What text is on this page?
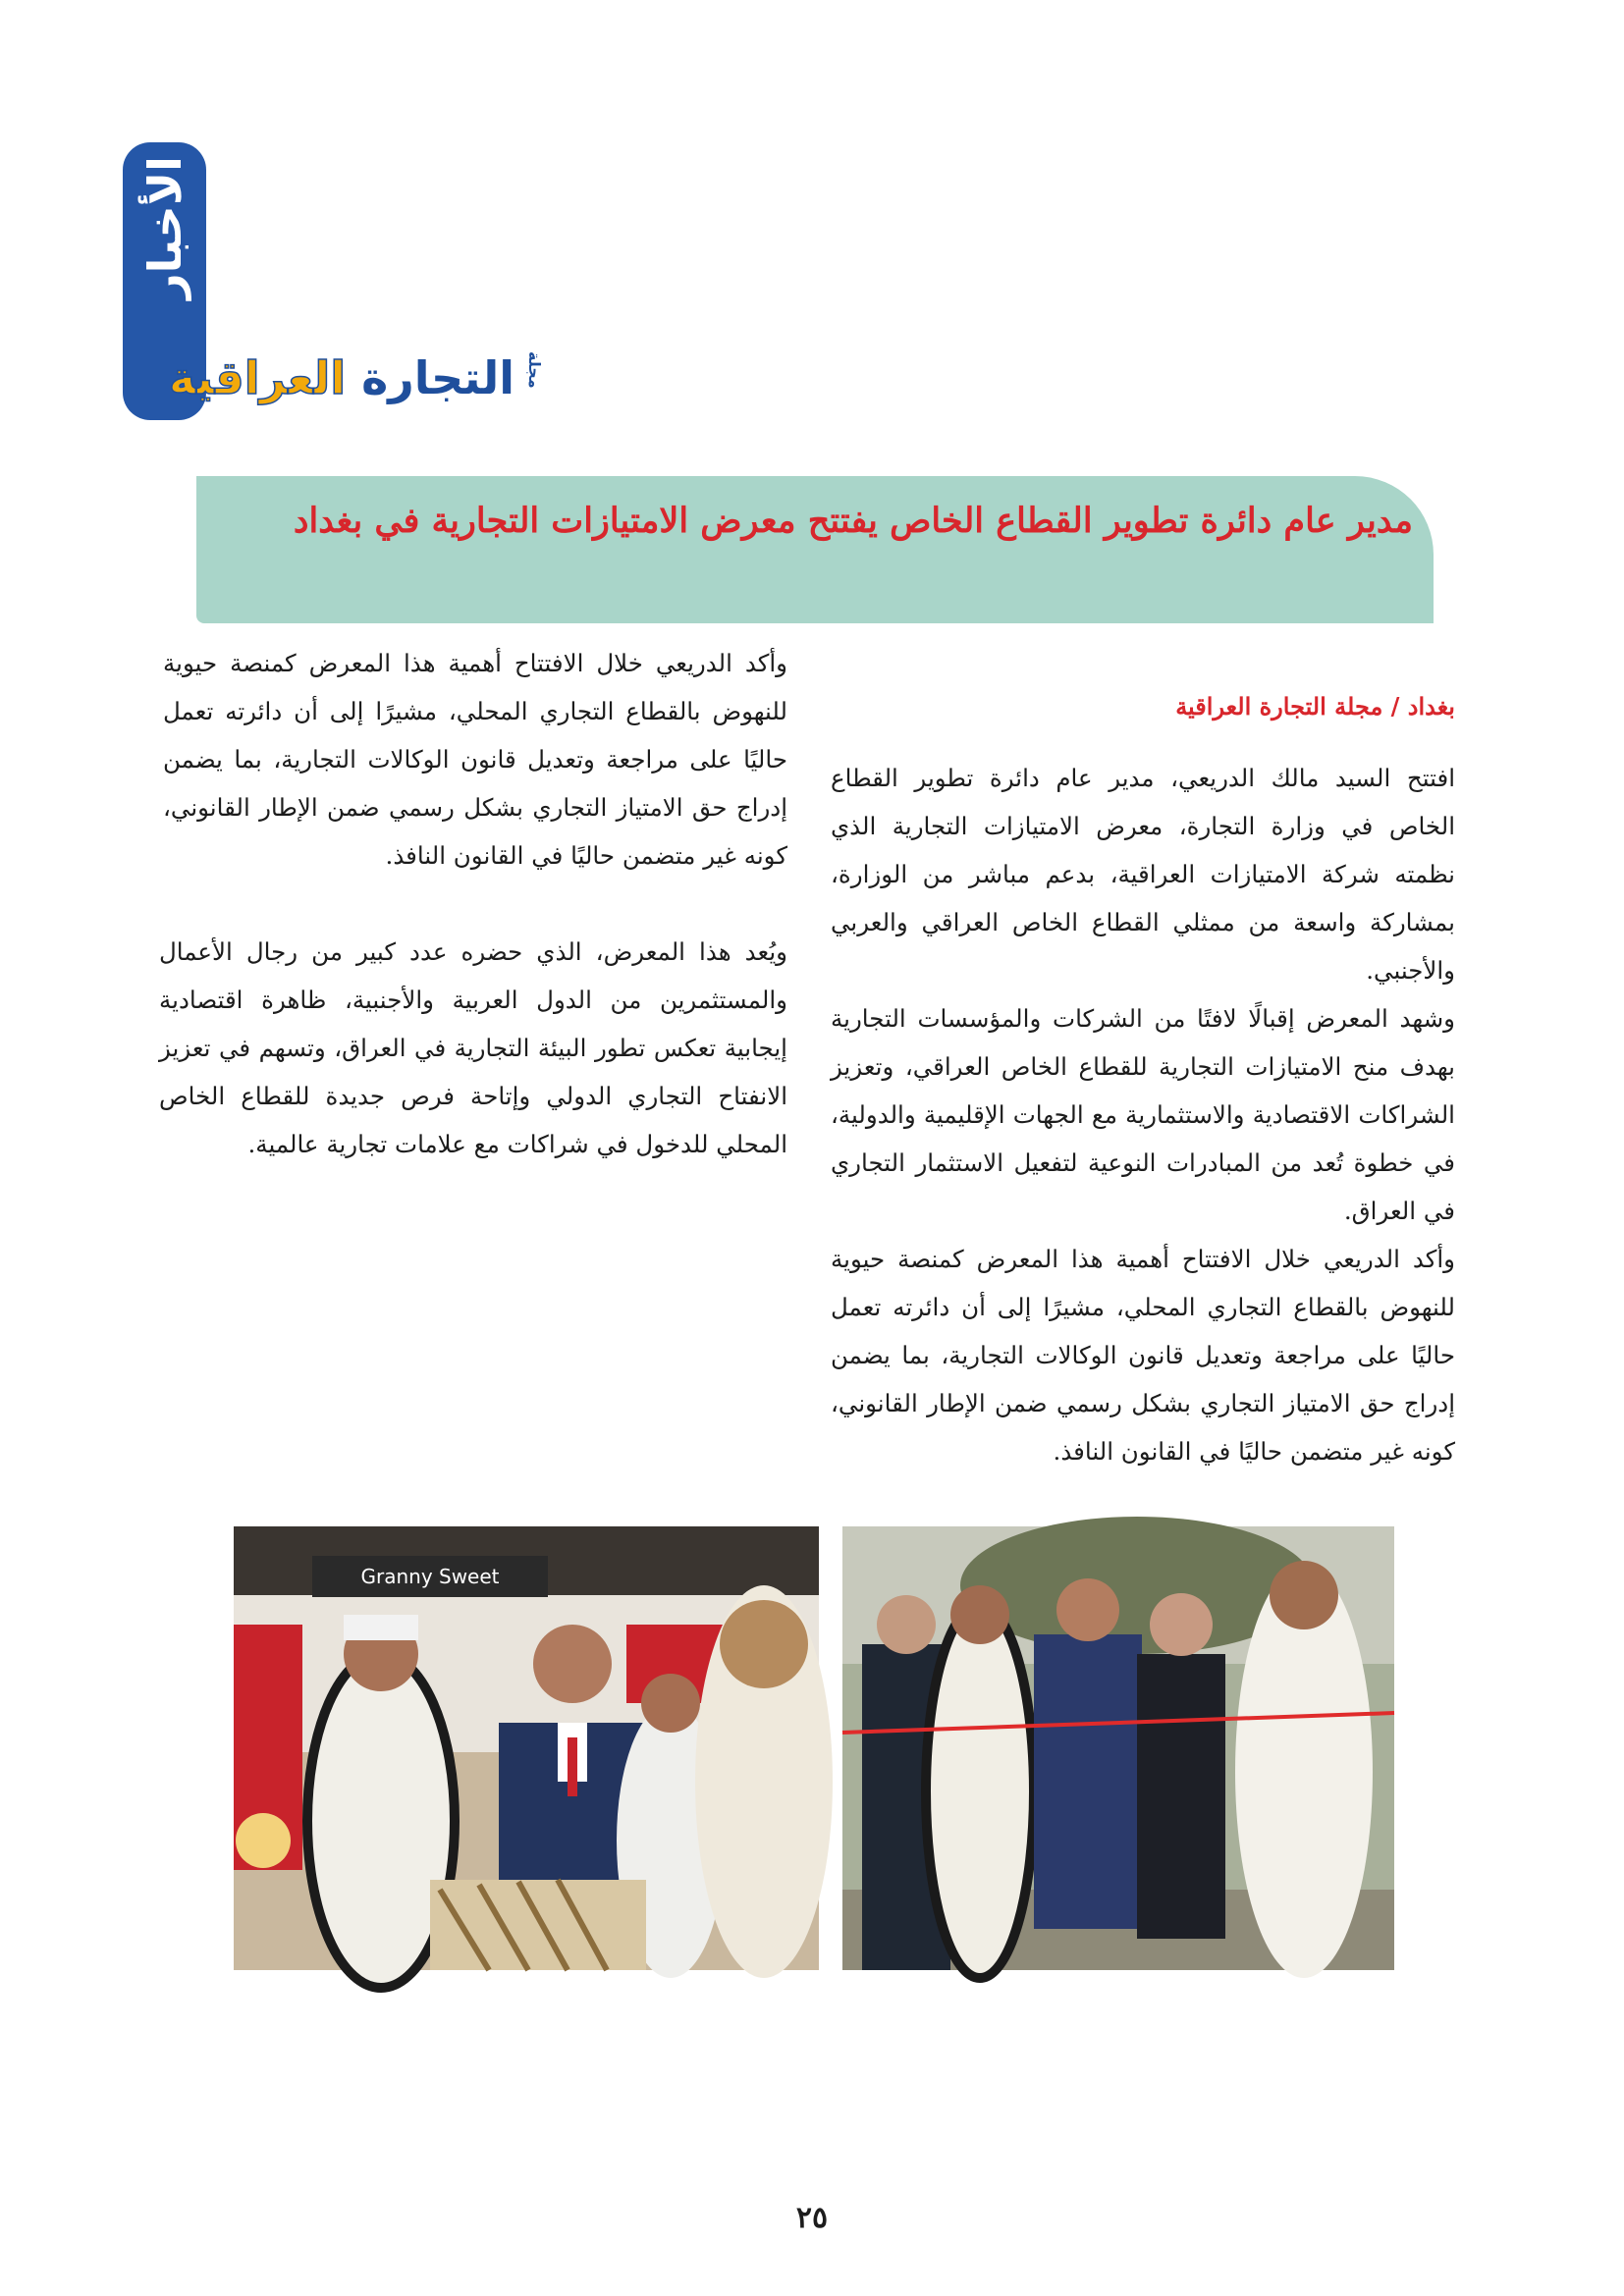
الأخبار
مجلة
التجارة العراقية
مدير عام دائرة تطوير القطاع الخاص يفتتح معرض الامتيازات التجارية في بغداد
بغداد / مجلة التجارة العراقية

افتتح السيد مالك الدريعي، مدير عام دائرة تطوير القطاع الخاص في وزارة التجارة، معرض الامتيازات التجارية الذي نظمته شركة الامتيازات العراقية، بدعم مباشر من الوزارة، بمشاركة واسعة من ممثلي القطاع الخاص العراقي والعربي والأجنبي.

وشهد المعرض إقبالًا لافتًا من الشركات والمؤسسات التجارية بهدف منح الامتيازات التجارية للقطاع الخاص العراقي، وتعزيز الشراكات الاقتصادية والاستثمارية مع الجهات الإقليمية والدولية، في خطوة تُعد من المبادرات النوعية لتفعيل الاستثمار التجاري في العراق.

وأكد الدريعي خلال الافتتاح أهمية هذا المعرض كمنصة حيوية للنهوض بالقطاع التجاري المحلي، مشيرًا إلى أن دائرته تعمل حاليًا على مراجعة وتعديل قانون الوكالات التجارية، بما يضمن إدراج حق الامتياز التجاري بشكل رسمي ضمن الإطار القانوني، كونه غير متضمن حاليًا في القانون النافذ.

وأكد الدريعي خلال الافتتاح أهمية هذا المعرض كمنصة حيوية للنهوض بالقطاع التجاري المحلي، مشيرًا إلى أن دائرته تعمل حاليًا على مراجعة وتعديل قانون الوكالات التجارية، بما يضمن إدراج حق الامتياز التجاري بشكل رسمي ضمن الإطار القانوني، كونه غير متضمن حاليًا في القانون النافذ.

ويُعد هذا المعرض، الذي حضره عدد كبير من رجال الأعمال والمستثمرين من الدول العربية والأجنبية، ظاهرة اقتصادية إيجابية تعكس تطور البيئة التجارية في العراق، وتسهم في تعزيز الانفتاح التجاري الدولي وإتاحة فرص جديدة للقطاع الخاص المحلي للدخول في شراكات مع علامات تجارية عالمية.

Granny Sweet
٢٥
